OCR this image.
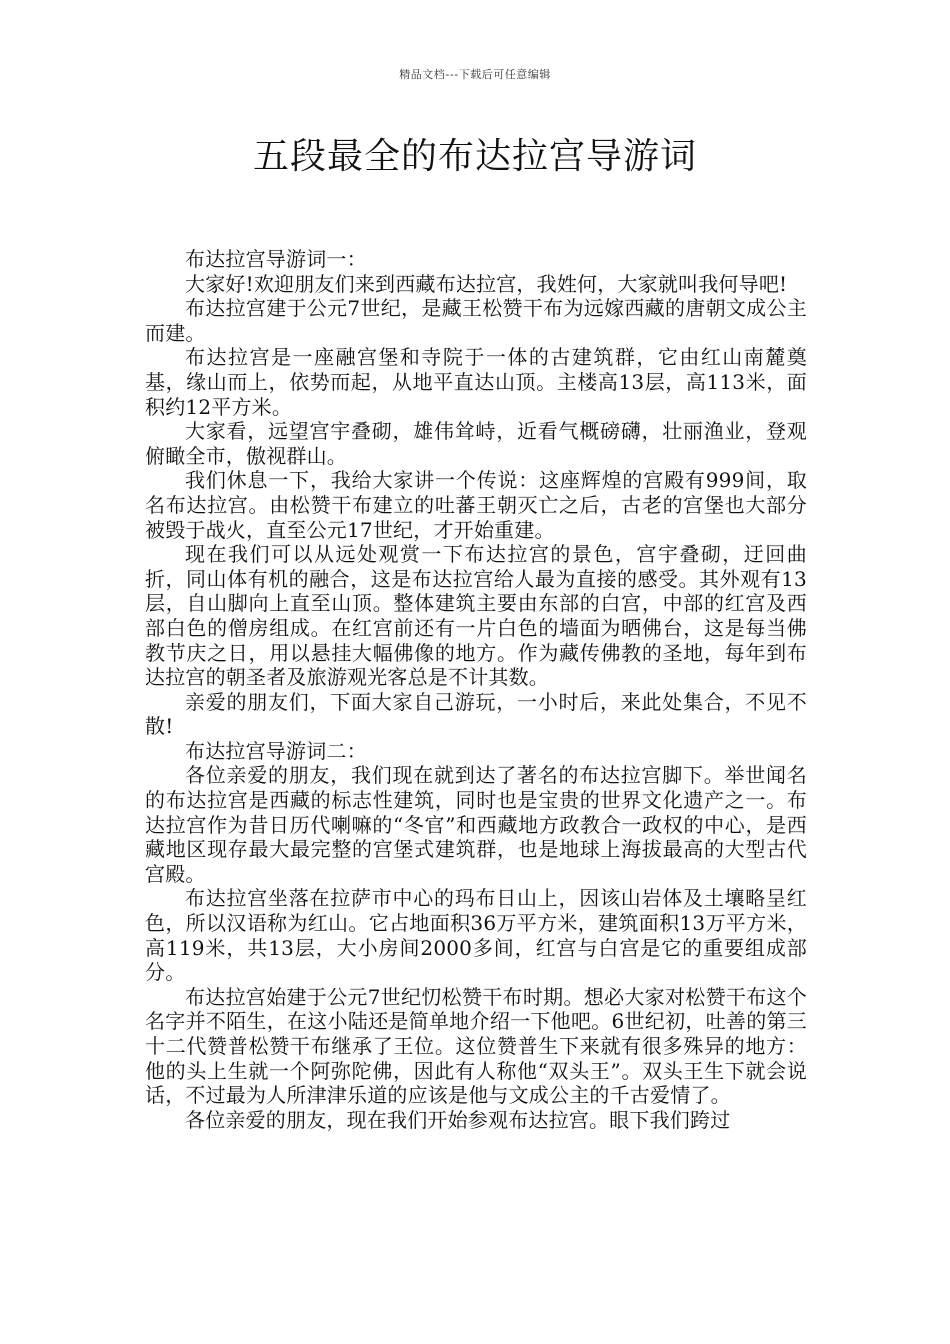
精品文档---下载后可任意编辑
五段最全的布达拉宫导游词

布达拉宫导游词一：

大家好!欢迎朋友们来到西藏布达拉宫，我姓何，大家就叫我何导吧!

布达拉宫建于公元7世纪，是藏王松赞干布为远嫁西藏的唐朝文成公主而建。

布达拉宫是一座融宫堡和寺院于一体的古建筑群，它由红山南麓奠基，缘山而上，依势而起，从地平直达山顶。主楼高13层，高113米，面积约12平方米。

大家看，远望宫宇叠砌，雄伟耸峙，近看气概磅礴，壮丽渔业，登观俯瞰全市，傲视群山。

我们休息一下，我给大家讲一个传说：这座辉煌的宫殿有999间，取名布达拉宫。由松赞干布建立的吐蕃王朝灭亡之后，古老的宫堡也大部分被毁于战火，直至公元17世纪，才开始重建。

现在我们可以从远处观赏一下布达拉宫的景色，宫宇叠砌，迂回曲折，同山体有机的融合，这是布达拉宫给人最为直接的感受。其外观有13层，自山脚向上直至山顶。整体建筑主要由东部的白宫，中部的红宫及西部白色的僧房组成。在红宫前还有一片白色的墙面为晒佛台，这是每当佛教节庆之日，用以悬挂大幅佛像的地方。作为藏传佛教的圣地，每年到布达拉宫的朝圣者及旅游观光客总是不计其数。

亲爱的朋友们，下面大家自己游玩，一小时后，来此处集合，不见不散!

布达拉宫导游词二：

各位亲爱的朋友，我们现在就到达了著名的布达拉宫脚下。举世闻名的布达拉宫是西藏的标志性建筑，同时也是宝贵的世界文化遗产之一。布达拉宫作为昔日历代喇嘛的“冬官”和西藏地方政教合一政权的中心，是西藏地区现存最大最完整的宫堡式建筑群，也是地球上海拔最高的大型古代宫殿。

布达拉宫坐落在拉萨市中心的玛布日山上，因该山岩体及土壤略呈红色，所以汉语称为红山。它占地面积36万平方米，建筑面积13万平方米，高119米，共13层，大小房间2000多间，红宫与白宫是它的重要组成部分。

布达拉宫始建于公元7世纪忉松赞干布时期。想必大家对松赞干布这个名字并不陌生，在这小陆还是简单地介绍一下他吧。6世纪初，吐善的第三十二代赞普松赞干布继承了王位。这位赞普生下来就有很多殊异的地方：他的头上生就一个阿弥陀佛，因此有人称他“双头王”。双头王生下就会说话，不过最为人所津津乐道的应该是他与文成公主的千古爱情了。

各位亲爱的朋友，现在我们开始参观布达拉宫。眼下我们跨过
